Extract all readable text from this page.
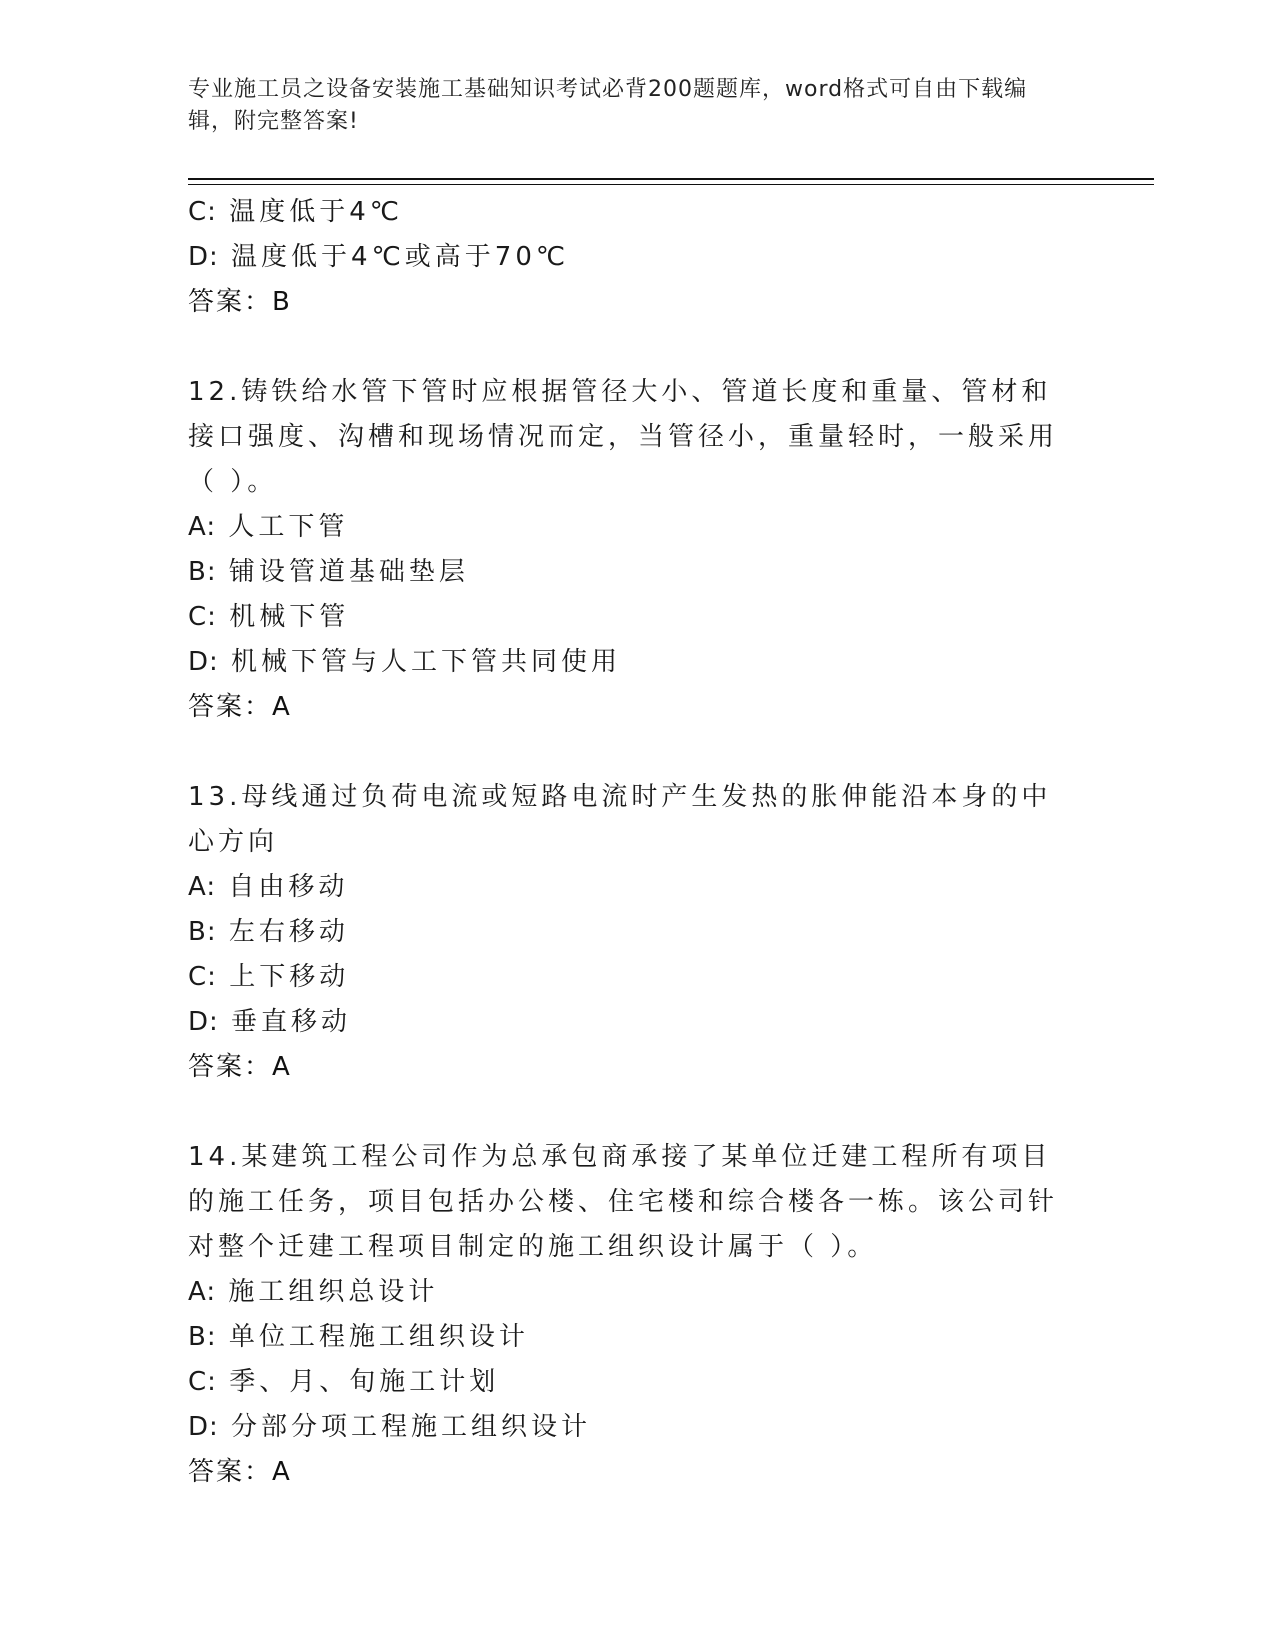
专业施工员之设备安装施工基础知识考试必背200题题库，word格式可自由下载编辑，附完整答案!
C: 温度低于4℃
D: 温度低于4℃或高于70℃
答案：B
12.铸铁给水管下管时应根据管径大小、管道长度和重量、管材和接口强度、沟槽和现场情况而定，当管径小，重量轻时，一般采用（ ）。
A: 人工下管
B: 铺设管道基础垫层
C: 机械下管
D: 机械下管与人工下管共同使用
答案：A
13.母线通过负荷电流或短路电流时产生发热的胀伸能沿本身的中心方向
A: 自由移动
B: 左右移动
C: 上下移动
D: 垂直移动
答案：A
14.某建筑工程公司作为总承包商承接了某单位迁建工程所有项目的施工任务，项目包括办公楼、住宅楼和综合楼各一栋。该公司针对整个迁建工程项目制定的施工组织设计属于（ ）。
A: 施工组织总设计
B: 单位工程施工组织设计
C: 季、月、旬施工计划
D: 分部分项工程施工组织设计
答案：A
